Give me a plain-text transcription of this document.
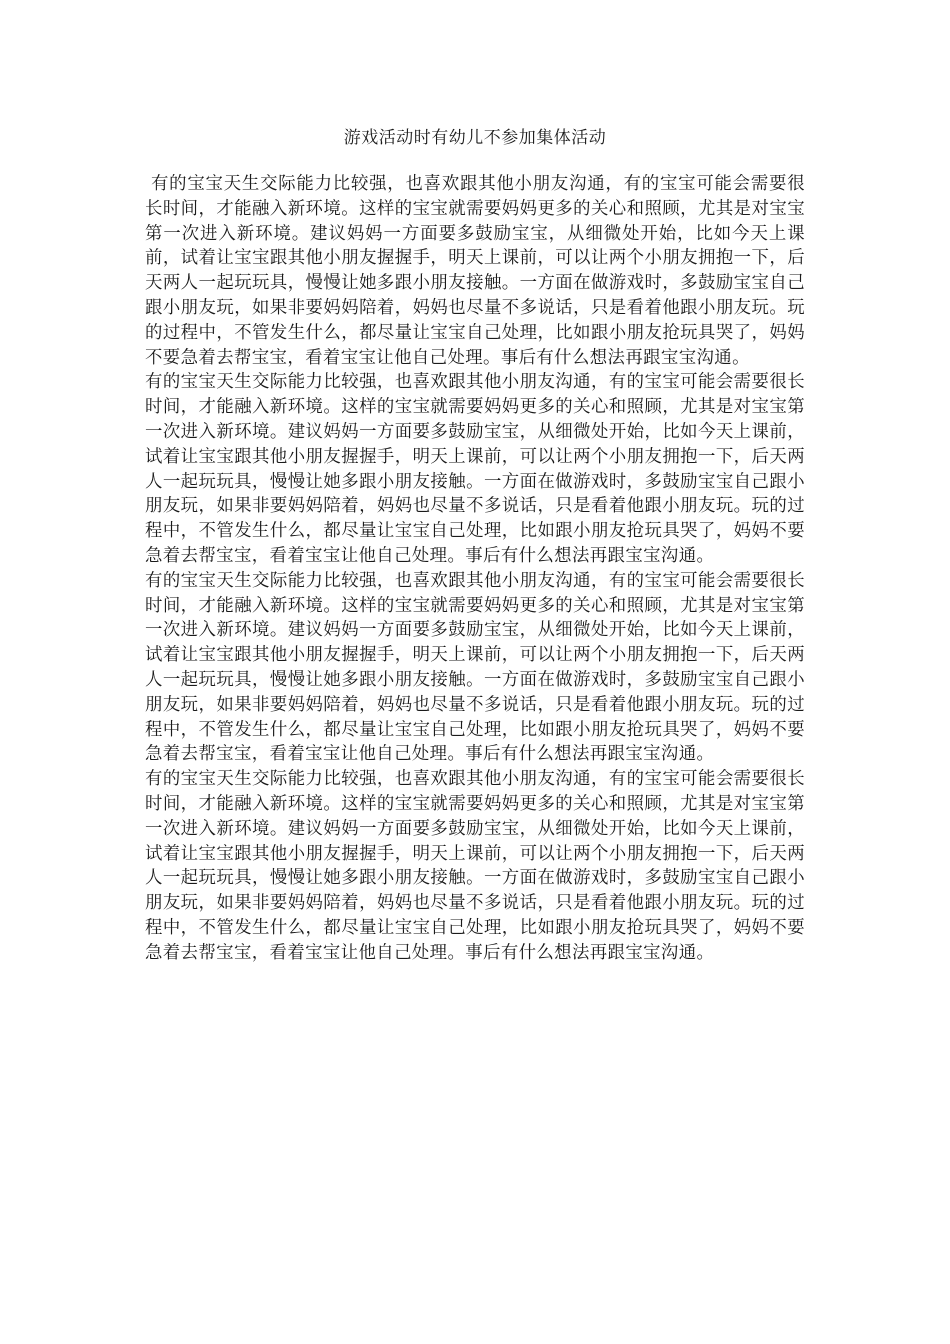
游戏活动时有幼儿不参加集体活动

有的宝宝天生交际能力比较强，也喜欢跟其他小朋友沟通，有的宝宝可能会需要很长时间，才能融入新环境。这样的宝宝就需要妈妈更多的关心和照顾，尤其是对宝宝第一次进入新环境。建议妈妈一方面要多鼓励宝宝，从细微处开始，比如今天上课前，试着让宝宝跟其他小朋友握握手，明天上课前，可以让两个小朋友拥抱一下，后天两人一起玩玩具，慢慢让她多跟小朋友接触。一方面在做游戏时，多鼓励宝宝自己跟小朋友玩，如果非要妈妈陪着，妈妈也尽量不多说话，只是看着他跟小朋友玩。玩的过程中，不管发生什么，都尽量让宝宝自己处理，比如跟小朋友抢玩具哭了，妈妈不要急着去帮宝宝，看着宝宝让他自己处理。事后有什么想法再跟宝宝沟通。

有的宝宝天生交际能力比较强，也喜欢跟其他小朋友沟通，有的宝宝可能会需要很长时间，才能融入新环境。这样的宝宝就需要妈妈更多的关心和照顾，尤其是对宝宝第一次进入新环境。建议妈妈一方面要多鼓励宝宝，从细微处开始，比如今天上课前，试着让宝宝跟其他小朋友握握手，明天上课前，可以让两个小朋友拥抱一下，后天两人一起玩玩具，慢慢让她多跟小朋友接触。一方面在做游戏时，多鼓励宝宝自己跟小朋友玩，如果非要妈妈陪着，妈妈也尽量不多说话，只是看着他跟小朋友玩。玩的过程中，不管发生什么，都尽量让宝宝自己处理，比如跟小朋友抢玩具哭了，妈妈不要急着去帮宝宝，看着宝宝让他自己处理。事后有什么想法再跟宝宝沟通。

有的宝宝天生交际能力比较强，也喜欢跟其他小朋友沟通，有的宝宝可能会需要很长时间，才能融入新环境。这样的宝宝就需要妈妈更多的关心和照顾，尤其是对宝宝第一次进入新环境。建议妈妈一方面要多鼓励宝宝，从细微处开始，比如今天上课前，试着让宝宝跟其他小朋友握握手，明天上课前，可以让两个小朋友拥抱一下，后天两人一起玩玩具，慢慢让她多跟小朋友接触。一方面在做游戏时，多鼓励宝宝自己跟小朋友玩，如果非要妈妈陪着，妈妈也尽量不多说话，只是看着他跟小朋友玩。玩的过程中，不管发生什么，都尽量让宝宝自己处理，比如跟小朋友抢玩具哭了，妈妈不要急着去帮宝宝，看着宝宝让他自己处理。事后有什么想法再跟宝宝沟通。

有的宝宝天生交际能力比较强，也喜欢跟其他小朋友沟通，有的宝宝可能会需要很长时间，才能融入新环境。这样的宝宝就需要妈妈更多的关心和照顾，尤其是对宝宝第一次进入新环境。建议妈妈一方面要多鼓励宝宝，从细微处开始，比如今天上课前，试着让宝宝跟其他小朋友握握手，明天上课前，可以让两个小朋友拥抱一下，后天两人一起玩玩具，慢慢让她多跟小朋友接触。一方面在做游戏时，多鼓励宝宝自己跟小朋友玩，如果非要妈妈陪着，妈妈也尽量不多说话，只是看着他跟小朋友玩。玩的过程中，不管发生什么，都尽量让宝宝自己处理，比如跟小朋友抢玩具哭了，妈妈不要急着去帮宝宝，看着宝宝让他自己处理。事后有什么想法再跟宝宝沟通。
